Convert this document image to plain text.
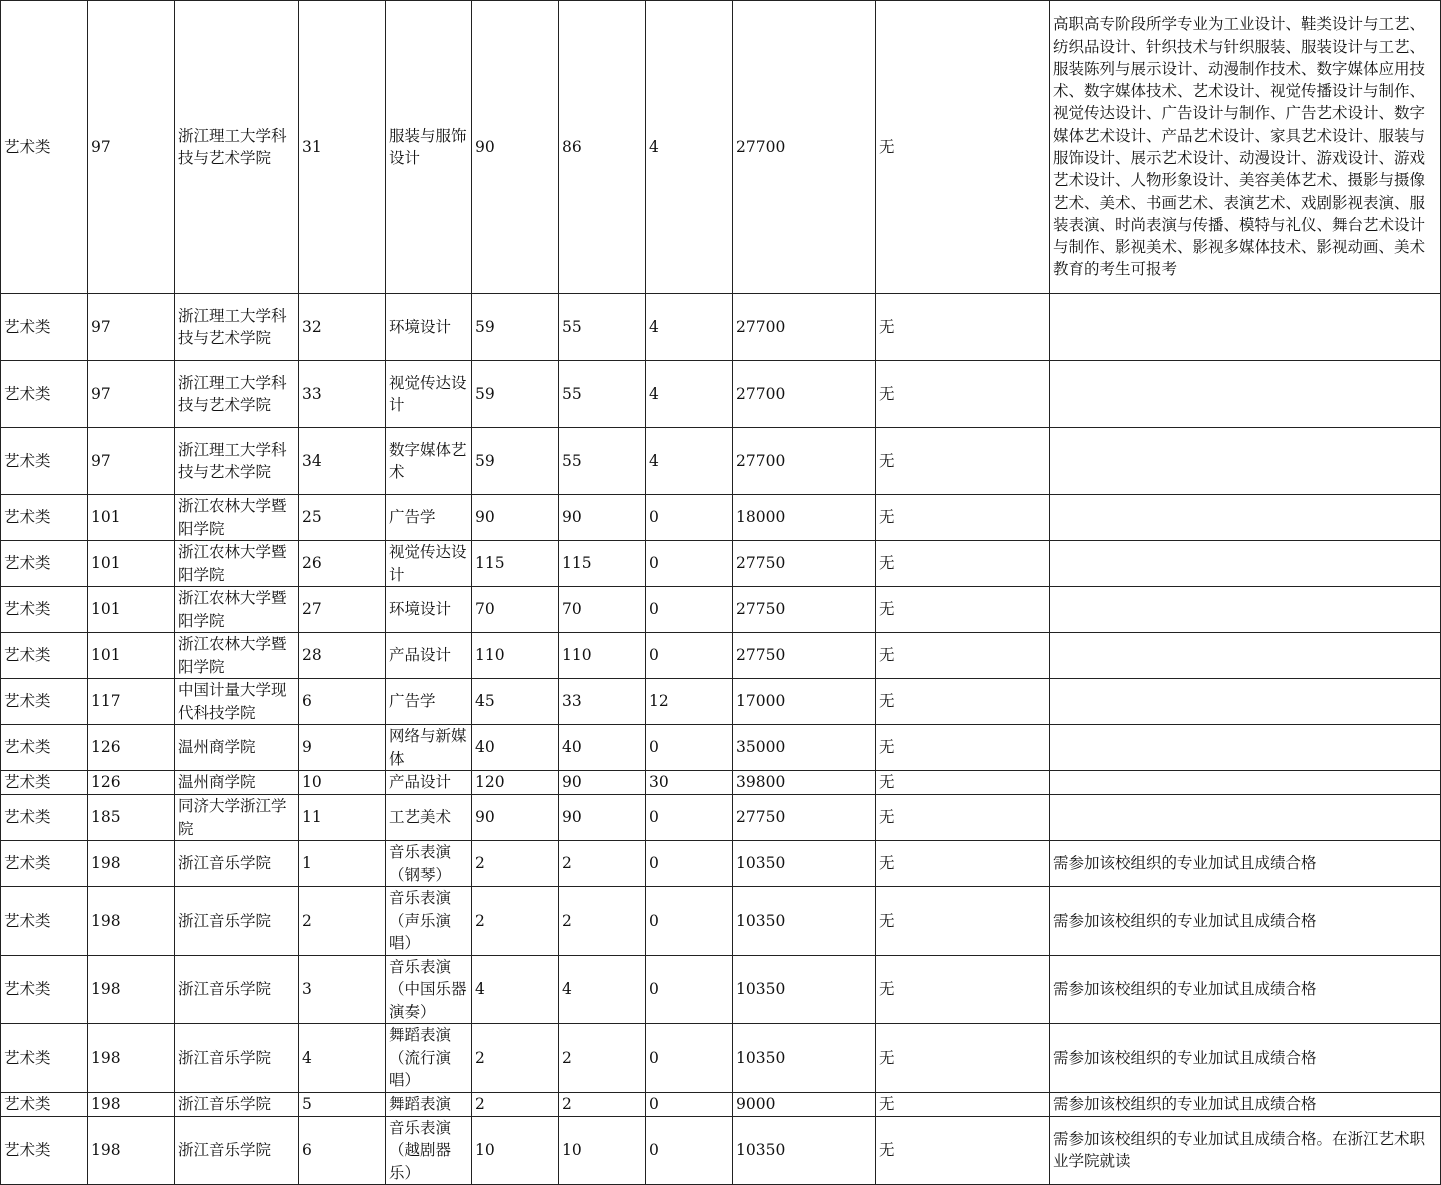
艺术类	97	浙江理工大学科技与艺术学院	31	服装与服饰设计	90	86	4	27700	无	高职高专阶段所学专业为工业设计、鞋类设计与工艺、纺织品设计、针织技术与针织服装、服装设计与工艺、服装陈列与展示设计、动漫制作技术、数字媒体应用技术、数字媒体技术、艺术设计、视觉传播设计与制作、视觉传达设计、广告设计与制作、广告艺术设计、数字媒体艺术设计、产品艺术设计、家具艺术设计、服装与服饰设计、展示艺术设计、动漫设计、游戏设计、游戏艺术设计、人物形象设计、美容美体艺术、摄影与摄像艺术、美术、书画艺术、表演艺术、戏剧影视表演、服装表演、时尚表演与传播、模特与礼仪、舞台艺术设计与制作、影视美术、影视多媒体技术、影视动画、美术教育的考生可报考
艺术类	97	浙江理工大学科技与艺术学院	32	环境设计	59	55	4	27700	无	
艺术类	97	浙江理工大学科技与艺术学院	33	视觉传达设计	59	55	4	27700	无	
艺术类	97	浙江理工大学科技与艺术学院	34	数字媒体艺术	59	55	4	27700	无	
艺术类	101	浙江农林大学暨阳学院	25	广告学	90	90	0	18000	无	
艺术类	101	浙江农林大学暨阳学院	26	视觉传达设计	115	115	0	27750	无	
艺术类	101	浙江农林大学暨阳学院	27	环境设计	70	70	0	27750	无	
艺术类	101	浙江农林大学暨阳学院	28	产品设计	110	110	0	27750	无	
艺术类	117	中国计量大学现代科技学院	6	广告学	45	33	12	17000	无	
艺术类	126	温州商学院	9	网络与新媒体	40	40	0	35000	无	
艺术类	126	温州商学院	10	产品设计	120	90	30	39800	无	
艺术类	185	同济大学浙江学院	11	工艺美术	90	90	0	27750	无	
艺术类	198	浙江音乐学院	1	音乐表演（钢琴）	2	2	0	10350	无	需参加该校组织的专业加试且成绩合格
艺术类	198	浙江音乐学院	2	音乐表演（声乐演唱）	2	2	0	10350	无	需参加该校组织的专业加试且成绩合格
艺术类	198	浙江音乐学院	3	音乐表演（中国乐器演奏）	4	4	0	10350	无	需参加该校组织的专业加试且成绩合格
艺术类	198	浙江音乐学院	4	舞蹈表演（流行演唱）	2	2	0	10350	无	需参加该校组织的专业加试且成绩合格
艺术类	198	浙江音乐学院	5	舞蹈表演	2	2	0	9000	无	需参加该校组织的专业加试且成绩合格
艺术类	198	浙江音乐学院	6	音乐表演（越剧器乐）	10	10	0	10350	无	需参加该校组织的专业加试且成绩合格。在浙江艺术职业学院就读
